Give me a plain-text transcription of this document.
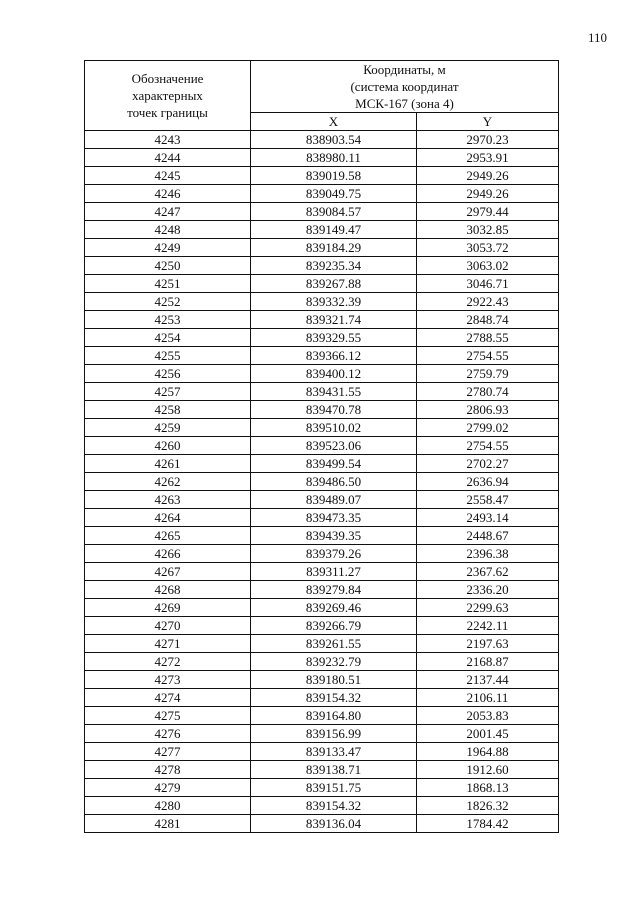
110
Обозначение
характерных
точек границы	Координаты, м
(система координат
МСК-167 (зона 4)	

	X	Y
4243	838903.54	2970.23
4244	838980.11	2953.91
4245	839019.58	2949.26
4246	839049.75	2949.26
4247	839084.57	2979.44
4248	839149.47	3032.85
4249	839184.29	3053.72
4250	839235.34	3063.02
4251	839267.88	3046.71
4252	839332.39	2922.43
4253	839321.74	2848.74
4254	839329.55	2788.55
4255	839366.12	2754.55
4256	839400.12	2759.79
4257	839431.55	2780.74
4258	839470.78	2806.93
4259	839510.02	2799.02
4260	839523.06	2754.55
4261	839499.54	2702.27
4262	839486.50	2636.94
4263	839489.07	2558.47
4264	839473.35	2493.14
4265	839439.35	2448.67
4266	839379.26	2396.38
4267	839311.27	2367.62
4268	839279.84	2336.20
4269	839269.46	2299.63
4270	839266.79	2242.11
4271	839261.55	2197.63
4272	839232.79	2168.87
4273	839180.51	2137.44
4274	839154.32	2106.11
4275	839164.80	2053.83
4276	839156.99	2001.45
4277	839133.47	1964.88
4278	839138.71	1912.60
4279	839151.75	1868.13
4280	839154.32	1826.32
4281	839136.04	1784.42
